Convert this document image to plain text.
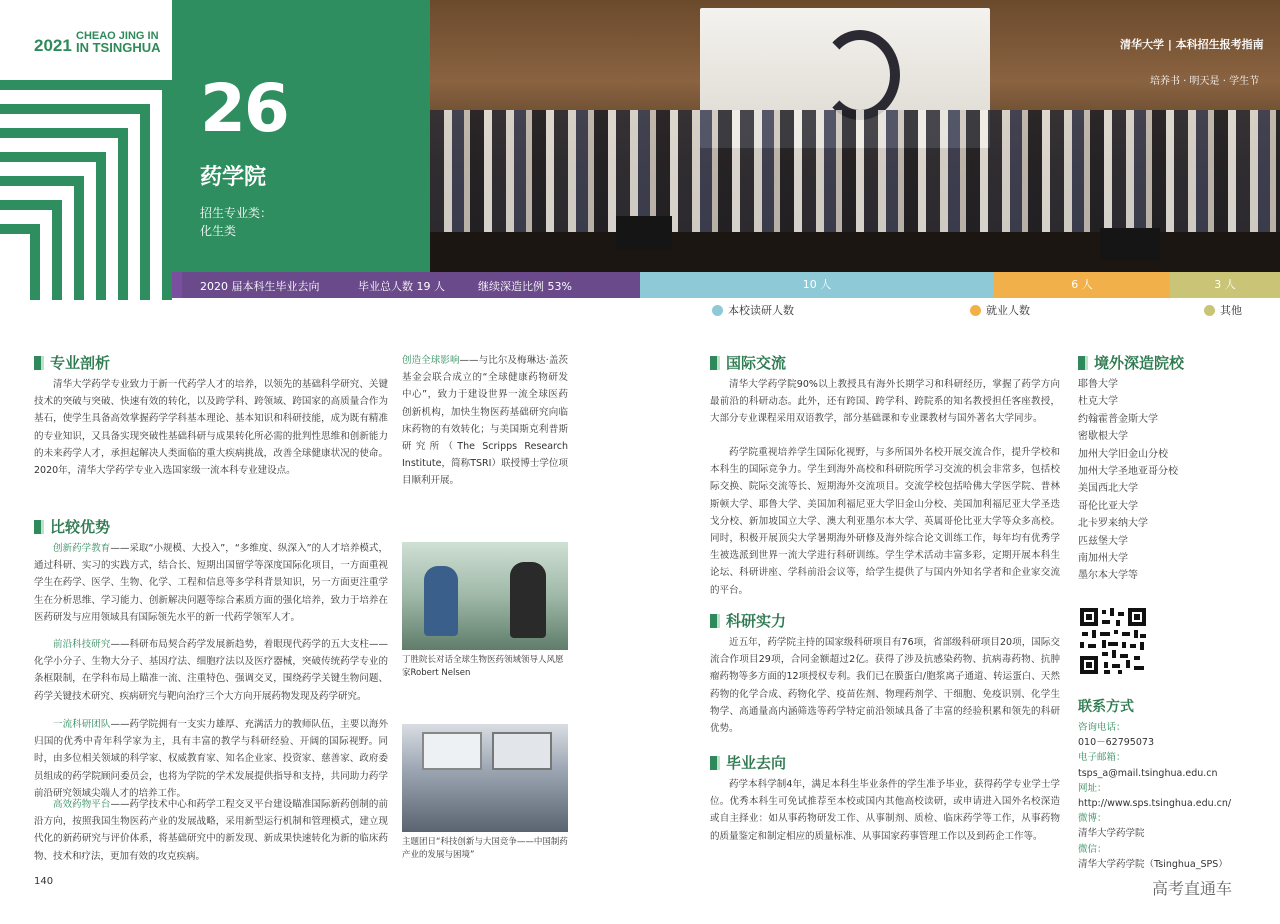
2021 CHEAO JING IN
IN TSINGHUA
26
药学院
招生专业类：
化生类
清华大学 | 本科招生报考指南
培养书 · 明天是 · 学生节
2020 届本科生毕业去向	毕业总人数 19 人	继续深造比例 53%	10 人	6 人	3 人
本校读研人数	就业人数	其他
专业剖析
清华大学药学专业致力于新一代药学人才的培养，以领先的基础科学研究、关键技术的突破与突破、快速有效的转化，以及跨学科、跨领域、跨国家的高质量合作为基石，使学生具备高效掌握药学学科基本理论、基本知识和科研技能，成为既有精准的专业知识，又具备实现突破性基础科研与成果转化所必需的批判性思维和创新能力的未来药学人才，承担起解决人类面临的重大疾病挑战，改善全球健康状况的使命。2020年，清华大学药学专业入选国家级一流本科专业建设点。
创造全球影响——与比尔及梅琳达·盖茨基金会联合成立的“全球健康药物研发中心”，致力于建设世界一流全球医药创新机构，加快生物医药基础研究向临床药物的有效转化；与美国斯克利普斯研究所（The Scripps Research Institute，简称TSRI）联授博士学位项目顺利开展。
比较优势
创新药学教育——采取“小规模、大投入”，“多维度、纵深入”的人才培养模式，通过科研、实习的实践方式，结合长、短期出国留学等深度国际化项目，一方面重视学生在药学、医学、生物、化学、工程和信息等多学科背景知识，另一方面更注重学生在分析思维、学习能力、创新解决问题等综合素质方面的强化培养，致力于培养在医药研发与应用领域具有国际领先水平的新一代药学领军人才。
前沿科技研究——科研布局契合药学发展新趋势，着眼现代药学的五大支柱——化学小分子、生物大分子、基因疗法、细胞疗法以及医疗器械，突破传统药学专业的条框限制，在学科布局上瞄准一流、注重特色、强调交叉，围绕药学关键生物问题、药学关键技术研究、疾病研究与靶向治疗三个大方向开展药物发现及药学研究。
一流科研团队——药学院拥有一支实力雄厚、充满活力的教师队伍，主要以海外归国的优秀中青年科学家为主，具有丰富的教学与科研经验、开阔的国际视野。同时，由多位相关领域的科学家、权威教育家、知名企业家、投资家、慈善家、政府委员组成的药学院顾问委员会，也将为学院的学术发展提供指导和支持，共同助力药学前沿研究领域尖端人才的培养工作。
高效药物平台——药学技术中心和药学工程交叉平台建设瞄准国际新药创制的前沿方向，按照我国生物医药产业的发展战略，采用新型运行机制和管理模式，建立现代化的新药研究与评价体系，将基础研究中的新发现、新成果快速转化为新的临床药物、技术和疗法，更加有效的攻克疾病。
丁胜院长对话全球生物医药领域领导人风愿家Robert Nelsen
主题团日“科技创新与大国竞争——中国制药产业的发展与困境”
国际交流
清华大学药学院90%以上教授具有海外长期学习和科研经历，掌握了药学方向最前沿的科研动态。此外，还有跨国、跨学科、跨院系的知名教授担任客座教授，大部分专业课程采用双语教学，部分基础课和专业课教材与国外著名大学同步。
药学院重视培养学生国际化视野，与多所国外名校开展交流合作，提升学校和本科生的国际竞争力。学生到海外高校和科研院所学习交流的机会非常多，包括校际交换、院际交流等长、短期海外交流项目。交流学校包括哈佛大学医学院、普林斯顿大学、耶鲁大学、美国加利福尼亚大学旧金山分校、美国加利福尼亚大学圣迭戈分校、新加坡国立大学、澳大利亚墨尔本大学、英属哥伦比亚大学等众多高校。同时，积极开展顶尖大学暑期海外研修及海外综合论文训练工作，每年均有优秀学生被选派到世界一流大学进行科研训练。学生学术活动丰富多彩，定期开展本科生论坛、科研讲座、学科前沿会议等，给学生提供了与国内外知名学者和企业家交流的平台。
科研实力
近五年，药学院主持的国家级科研项目有76项，省部级科研项目20项，国际交流合作项目29项，合同金额超过2亿。获得了涉及抗感染药物、抗病毒药物、抗肿瘤药物等多方面的12项授权专利。我们已在膜蛋白/胞浆离子通道、转运蛋白、天然药物的化学合成、药物化学、疫苗佐剂、物理药剂学、干细胞、免疫识别、化学生物学、高通量高内涵筛选等药学特定前沿领域具备了丰富的经验积累和领先的科研优势。
毕业去向
药学本科学制4年，满足本科生毕业条件的学生准予毕业，获得药学专业学士学位。优秀本科生可免试推荐至本校或国内其他高校读研，或申请进入国外名校深造或自主择业：如从事药物研发工作、从事制剂、质检、临床药学等工作，从事药物的质量鉴定和制定相应的质量标准、从事国家药事管理工作以及到药企工作等。
境外深造院校
耶鲁大学
杜克大学
约翰霍普金斯大学
密歇根大学
加州大学旧金山分校
加州大学圣地亚哥分校
美国西北大学
哥伦比亚大学
北卡罗来纳大学
匹兹堡大学
南加州大学
墨尔本大学等
联系方式
咨询电话：
010－62795073
电子邮箱：
tsps_a@mail.tsinghua.edu.cn
网址：
http://www.sps.tsinghua.edu.cn/
微博：
清华大学药学院
微信：
清华大学药学院（Tsinghua_SPS）
140	高考直通车
